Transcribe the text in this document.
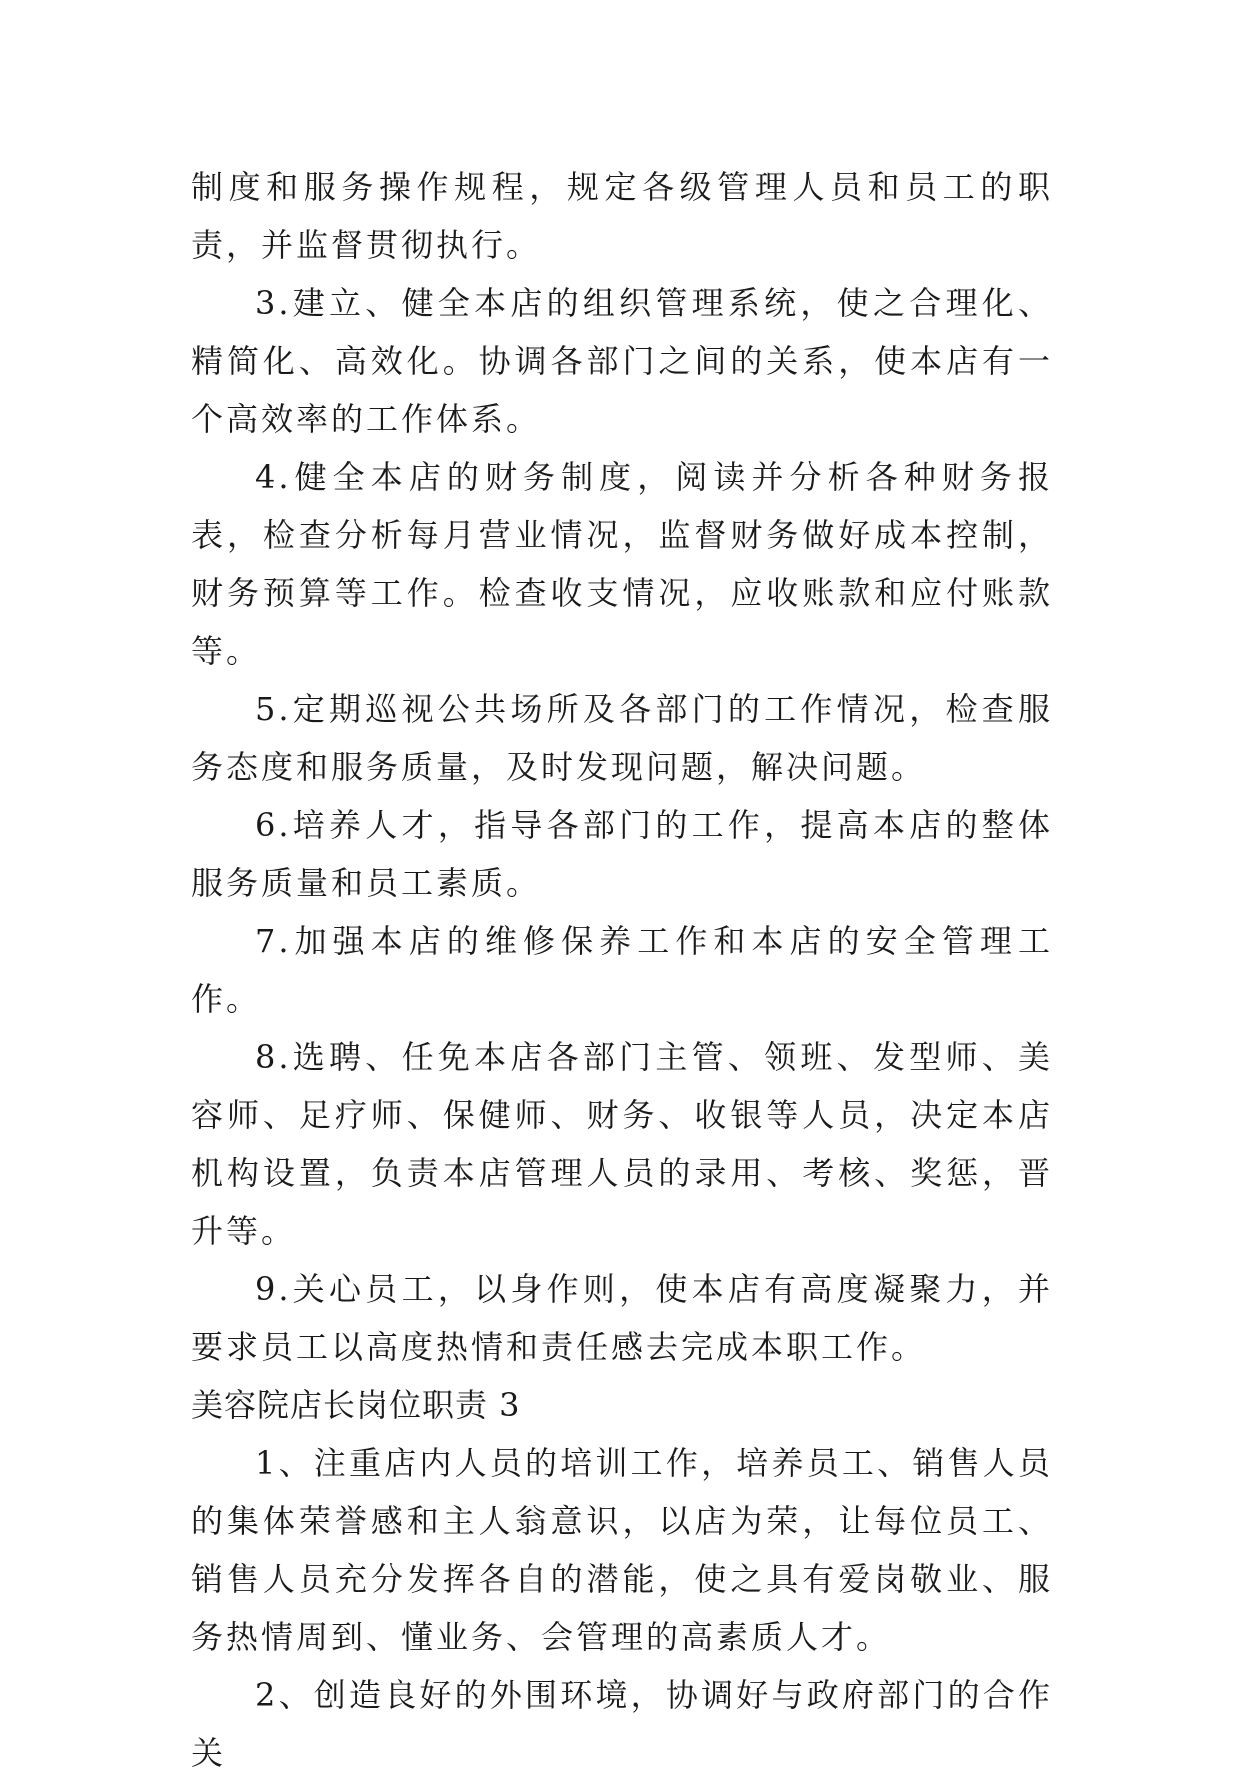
制度和服务操作规程，规定各级管理人员和员工的职责，并监督贯彻执行。

3.建立、健全本店的组织管理系统，使之合理化、精简化、高效化。协调各部门之间的关系，使本店有一个高效率的工作体系。

4.健全本店的财务制度，阅读并分析各种财务报表，检查分析每月营业情况，监督财务做好成本控制，财务预算等工作。检查收支情况，应收账款和应付账款等。

5.定期巡视公共场所及各部门的工作情况，检查服务态度和服务质量，及时发现问题，解决问题。

6.培养人才，指导各部门的工作，提高本店的整体服务质量和员工素质。

7.加强本店的维修保养工作和本店的安全管理工作。

8.选聘、任免本店各部门主管、领班、发型师、美容师、足疗师、保健师、财务、收银等人员，决定本店机构设置，负责本店管理人员的录用、考核、奖惩，晋升等。

9.关心员工，以身作则，使本店有高度凝聚力，并要求员工以高度热情和责任感去完成本职工作。

美容院店长岗位职责 3

1、注重店内人员的培训工作，培养员工、销售人员的集体荣誉感和主人翁意识，以店为荣，让每位员工、销售人员充分发挥各自的潜能，使之具有爱岗敬业、服务热情周到、懂业务、会管理的高素质人才。

2、创造良好的外围环境，协调好与政府部门的合作关
